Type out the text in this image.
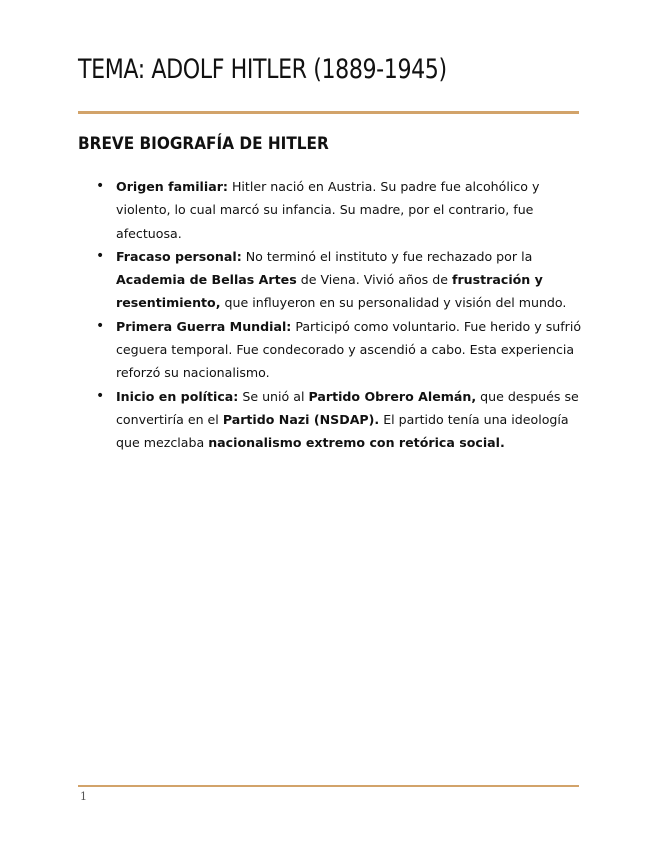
TEMA: ADOLF HITLER (1889-1945)
BREVE BIOGRAFÍA DE HITLER
• Origen familiar: Hitler nació en Austria. Su padre fue alcohólico y violento, lo cual marcó su infancia. Su madre, por el contrario, fue afectuosa.
• Fracaso personal: No terminó el instituto y fue rechazado por la Academia de Bellas Artes de Viena. Vivió años de frustración y resentimiento, que influyeron en su personalidad y visión del mundo.
• Primera Guerra Mundial: Participó como voluntario. Fue herido y sufrió ceguera temporal. Fue condecorado y ascendió a cabo. Esta experiencia reforzó su nacionalismo.
• Inicio en política: Se unió al Partido Obrero Alemán, que después se convertiría en el Partido Nazi (NSDAP). El partido tenía una ideología que mezclaba nacionalismo extremo con retórica social.
1
